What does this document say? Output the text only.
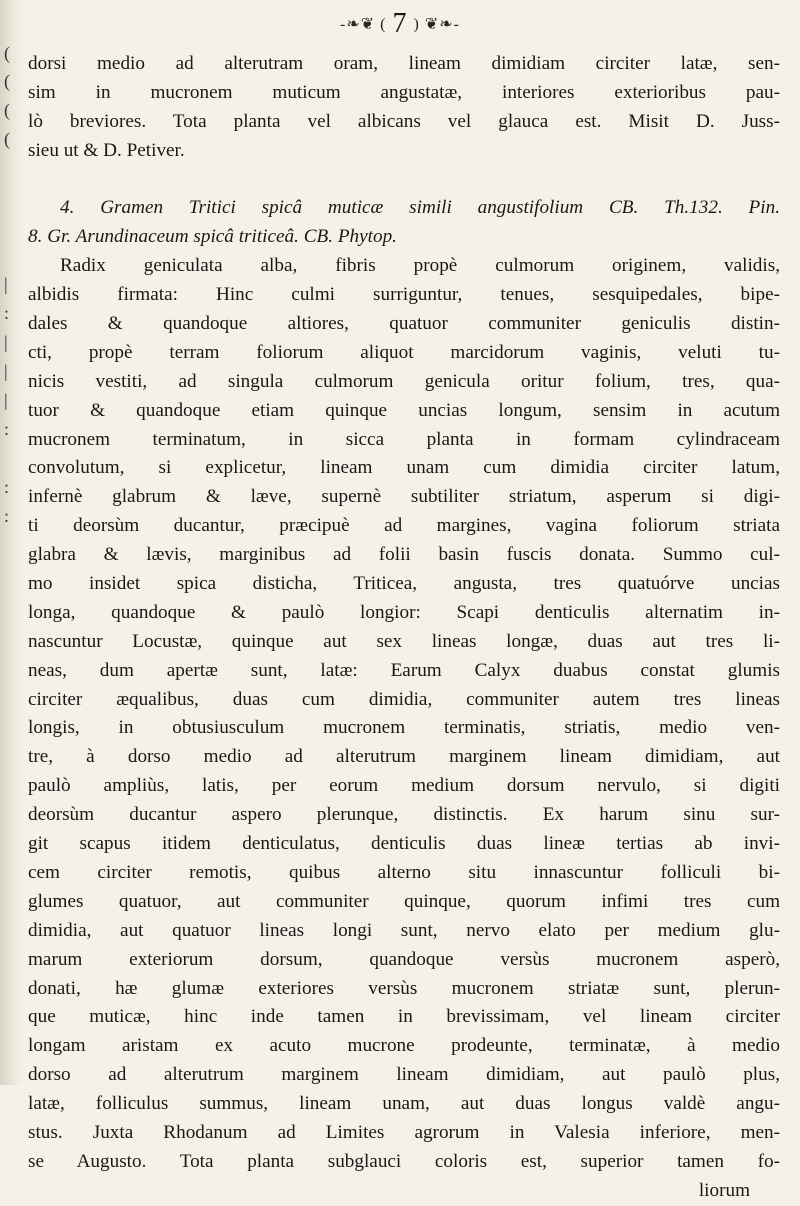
(
(
(
(
|
:
|
|
|
:
:
:
-❧❦ ( 7 ) ❦❧-
dorsi medio ad alterutram oram, lineam dimidiam circiter latæ, sen-
sim in mucronem muticum angustatæ, interiores exterioribus pau-
lò breviores. Tota planta vel albicans vel glauca est. Misit D. Juss-
sieu ut & D. Petiver.
4. Gramen Tritici spicâ muticæ simili angustifolium CB. Th.132. Pin.
8. Gr. Arundinaceum spicâ triticeâ. CB. Phytop.
Radix geniculata alba, fibris propè culmorum originem, validis,
albidis firmata: Hinc culmi surriguntur, tenues, sesquipedales, bipe-
dales & quandoque altiores, quatuor communiter geniculis distin-
cti, propè terram foliorum aliquot marcidorum vaginis, veluti tu-
nicis vestiti, ad singula culmorum genicula oritur folium, tres, qua-
tuor & quandoque etiam quinque uncias longum, sensim in acutum
mucronem terminatum, in sicca planta in formam cylindraceam
convolutum, si explicetur, lineam unam cum dimidia circiter latum,
infernè glabrum & læve, supernè subtiliter striatum, asperum si digi-
ti deorsùm ducantur, præcipuè ad margines, vagina foliorum striata
glabra & lævis, marginibus ad folii basin fuscis donata. Summo cul-
mo insidet spica disticha, Triticea, angusta, tres quatuórve uncias
longa, quandoque & paulò longior: Scapi denticulis alternatim in-
nascuntur Locustæ, quinque aut sex lineas longæ, duas aut tres li-
neas, dum apertæ sunt, latæ: Earum Calyx duabus constat glumis
circiter æqualibus, duas cum dimidia, communiter autem tres lineas
longis, in obtusiusculum mucronem terminatis, striatis, medio ven-
tre, à dorso medio ad alterutrum marginem lineam dimidiam, aut
paulò ampliùs, latis, per eorum medium dorsum nervulo, si digiti
deorsùm ducantur aspero plerunque, distinctis. Ex harum sinu sur-
git scapus itidem denticulatus, denticulis duas lineæ tertias ab invi-
cem circiter remotis, quibus alterno situ innascuntur folliculi bi-
glumes quatuor, aut communiter quinque, quorum infimi tres cum
dimidia, aut quatuor lineas longi sunt, nervo elato per medium glu-
marum exteriorum dorsum, quandoque versùs mucronem asperò,
donati, hæ glumæ exteriores versùs mucronem striatæ sunt, plerun-
que muticæ, hinc inde tamen in brevissimam, vel lineam circiter
longam aristam ex acuto mucrone prodeunte, terminatæ, à medio
dorso ad alterutrum marginem lineam dimidiam, aut paulò plus,
latæ, folliculus summus, lineam unam, aut duas longus valdè angu-
stus. Juxta Rhodanum ad Limites agrorum in Valesia inferiore, men-
se Augusto. Tota planta subglauci coloris est, superior tamen fo-
liorum
